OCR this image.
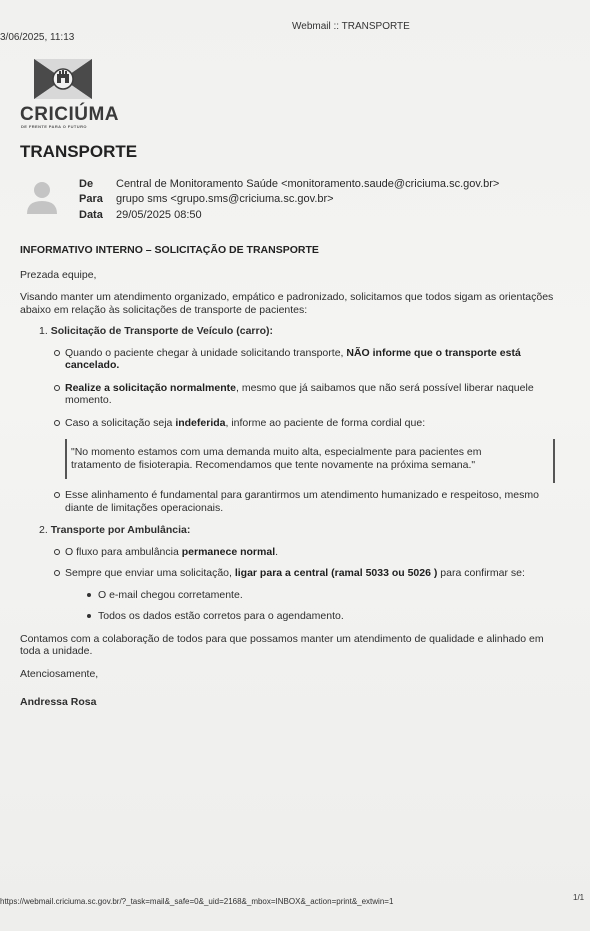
3/06/2025, 11:13
Webmail :: TRANSPORTE
CRICIÚMA
DE FRENTE PARA O FUTURO
TRANSPORTE
De	Central de Monitoramento Saúde <monitoramento.saude@criciuma.sc.gov.br>
Para	grupo sms <grupo.sms@criciuma.sc.gov.br>
Data	29/05/2025 08:50

INFORMATIVO INTERNO – SOLICITAÇÃO DE TRANSPORTE

Prezada equipe,

Visando manter um atendimento organizado, empático e padronizado, solicitamos que todos sigam as orientações abaixo em relação às solicitações de transporte de pacientes:

1. Solicitação de Transporte de Veículo (carro):
Quando o paciente chegar à unidade solicitando transporte, NÃO informe que o transporte está cancelado.
Realize a solicitação normalmente, mesmo que já saibamos que não será possível liberar naquele momento.
Caso a solicitação seja indeferida, informe ao paciente de forma cordial que:
"No momento estamos com uma demanda muito alta, especialmente para pacientes em tratamento de fisioterapia. Recomendamos que tente novamente na próxima semana."
Esse alinhamento é fundamental para garantirmos um atendimento humanizado e respeitoso, mesmo diante de limitações operacionais.
2. Transporte por Ambulância:
O fluxo para ambulância permanece normal.
Sempre que enviar uma solicitação, ligar para a central (ramal 5033 ou 5026 ) para confirmar se:
O e-mail chegou corretamente.
Todos os dados estão corretos para o agendamento.

Contamos com a colaboração de todos para que possamos manter um atendimento de qualidade e alinhado em toda a unidade.

Atenciosamente,

Andressa Rosa

https://webmail.criciuma.sc.gov.br/?_task=mail&_safe=0&_uid=2168&_mbox=INBOX&_action=print&_extwin=1	1/1
